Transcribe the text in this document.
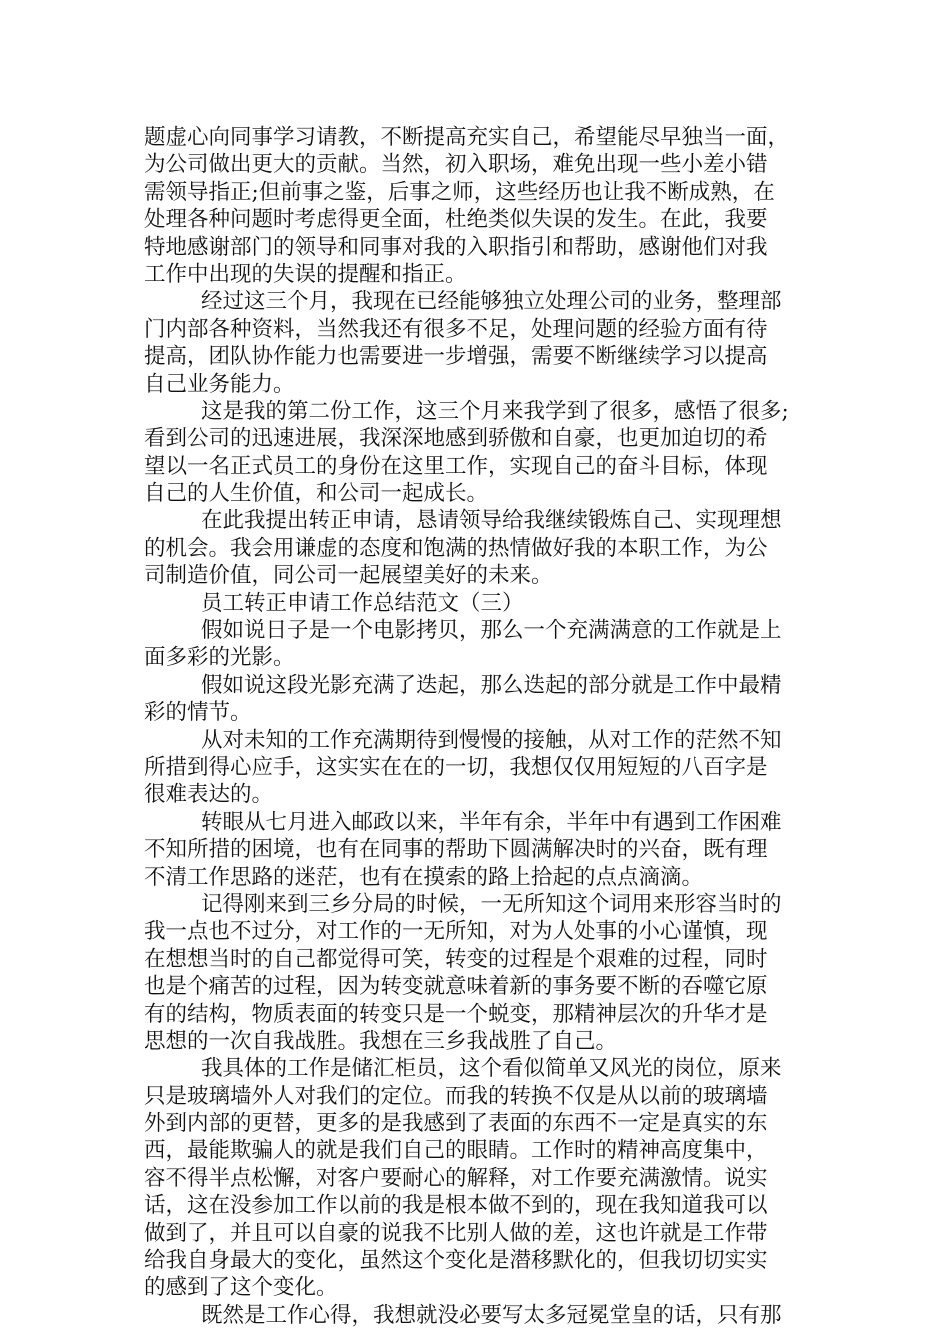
题虚心向同事学习请教，不断提高充实自己，希望能尽早独当一面，
为公司做出更大的贡献。当然，初入职场，难免出现一些小差小错
需领导指正;但前事之鉴，后事之师，这些经历也让我不断成熟，在
处理各种问题时考虑得更全面，杜绝类似失误的发生。在此，我要
特地感谢部门的领导和同事对我的入职指引和帮助，感谢他们对我
工作中出现的失误的提醒和指正。
经过这三个月，我现在已经能够独立处理公司的业务，整理部
门内部各种资料，当然我还有很多不足，处理问题的经验方面有待
提高，团队协作能力也需要进一步增强，需要不断继续学习以提高
自己业务能力。
这是我的第二份工作，这三个月来我学到了很多，感悟了很多;
看到公司的迅速进展，我深深地感到骄傲和自豪，也更加迫切的希
望以一名正式员工的身份在这里工作，实现自己的奋斗目标，体现
自己的人生价值，和公司一起成长。
在此我提出转正申请，恳请领导给我继续锻炼自己、实现理想
的机会。我会用谦虚的态度和饱满的热情做好我的本职工作，为公
司制造价值，同公司一起展望美好的未来。
员工转正申请工作总结范文（三）
假如说日子是一个电影拷贝，那么一个充满满意的工作就是上
面多彩的光影。
假如说这段光影充满了迭起，那么迭起的部分就是工作中最精
彩的情节。
从对未知的工作充满期待到慢慢的接触，从对工作的茫然不知
所措到得心应手，这实实在在的一切，我想仅仅用短短的八百字是
很难表达的。
转眼从七月进入邮政以来，半年有余，半年中有遇到工作困难
不知所措的困境，也有在同事的帮助下圆满解决时的兴奋，既有理
不清工作思路的迷茫，也有在摸索的路上拾起的点点滴滴。
记得刚来到三乡分局的时候，一无所知这个词用来形容当时的
我一点也不过分，对工作的一无所知，对为人处事的小心谨慎，现
在想想当时的自己都觉得可笑，转变的过程是个艰难的过程，同时
也是个痛苦的过程，因为转变就意味着新的事务要不断的吞噬它原
有的结构，物质表面的转变只是一个蜕变，那精神层次的升华才是
思想的一次自我战胜。我想在三乡我战胜了自己。
我具体的工作是储汇柜员，这个看似简单又风光的岗位，原来
只是玻璃墙外人对我们的定位。而我的转换不仅是从以前的玻璃墙
外到内部的更替，更多的是我感到了表面的东西不一定是真实的东
西，最能欺骗人的就是我们自己的眼睛。工作时的精神高度集中，
容不得半点松懈，对客户要耐心的解释，对工作要充满激情。说实
话，这在没参加工作以前的我是根本做不到的，现在我知道我可以
做到了，并且可以自豪的说我不比别人做的差，这也许就是工作带
给我自身最大的变化，虽然这个变化是潜移默化的，但我切切实实
的感到了这个变化。
既然是工作心得，我想就没必要写太多冠冕堂皇的话，只有那
